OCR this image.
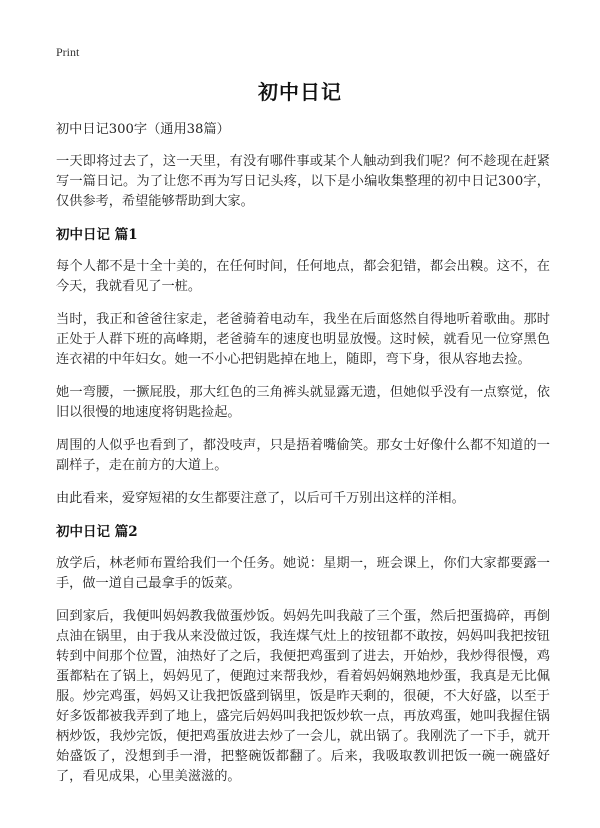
Print
初中日记

初中日记300字（通用38篇）

一天即将过去了，这一天里，有没有哪件事或某个人触动到我们呢？何不趁现在赶紧写一篇日记。为了让您不再为写日记头疼，以下是小编收集整理的初中日记300字，仅供参考，希望能够帮助到大家。

初中日记 篇1

每个人都不是十全十美的，在任何时间，任何地点，都会犯错，都会出糗。这不，在今天，我就看见了一桩。

当时，我正和爸爸往家走，老爸骑着电动车，我坐在后面悠然自得地听着歌曲。那时正处于人群下班的高峰期，老爸骑车的速度也明显放慢。这时候，就看见一位穿黑色连衣裙的中年妇女。她一不小心把钥匙掉在地上，随即，弯下身，很从容地去捡。

她一弯腰，一撅屁股，那大红色的三角裤头就显露无遗，但她似乎没有一点察觉，依旧以很慢的地速度将钥匙捡起。

周围的人似乎也看到了，都没吱声，只是捂着嘴偷笑。那女士好像什么都不知道的一副样子，走在前方的大道上。

由此看来，爱穿短裙的女生都要注意了，以后可千万别出这样的洋相。

初中日记 篇2

放学后，林老师布置给我们一个任务。她说：星期一，班会课上，你们大家都要露一手，做一道自己最拿手的饭菜。

回到家后，我便叫妈妈教我做蛋炒饭。妈妈先叫我敲了三个蛋，然后把蛋捣碎，再倒点油在锅里，由于我从来没做过饭，我连煤气灶上的按钮都不敢按，妈妈叫我把按钮转到中间那个位置，油热好了之后，我便把鸡蛋到了进去，开始炒，我炒得很慢，鸡蛋都粘在了锅上，妈妈见了，便跑过来帮我炒，看着妈妈娴熟地炒蛋，我真是无比佩服。炒完鸡蛋，妈妈又让我把饭盛到锅里，饭是昨天剩的，很硬，不大好盛，以至于好多饭都被我弄到了地上，盛完后妈妈叫我把饭炒软一点，再放鸡蛋，她叫我握住锅柄炒饭，我炒完饭，便把鸡蛋放进去炒了一会儿，就出锅了。我刚洗了一下手，就开始盛饭了，没想到手一滑，把整碗饭都翻了。后来，我吸取教训把饭一碗一碗盛好了，看见成果，心里美滋滋的。
